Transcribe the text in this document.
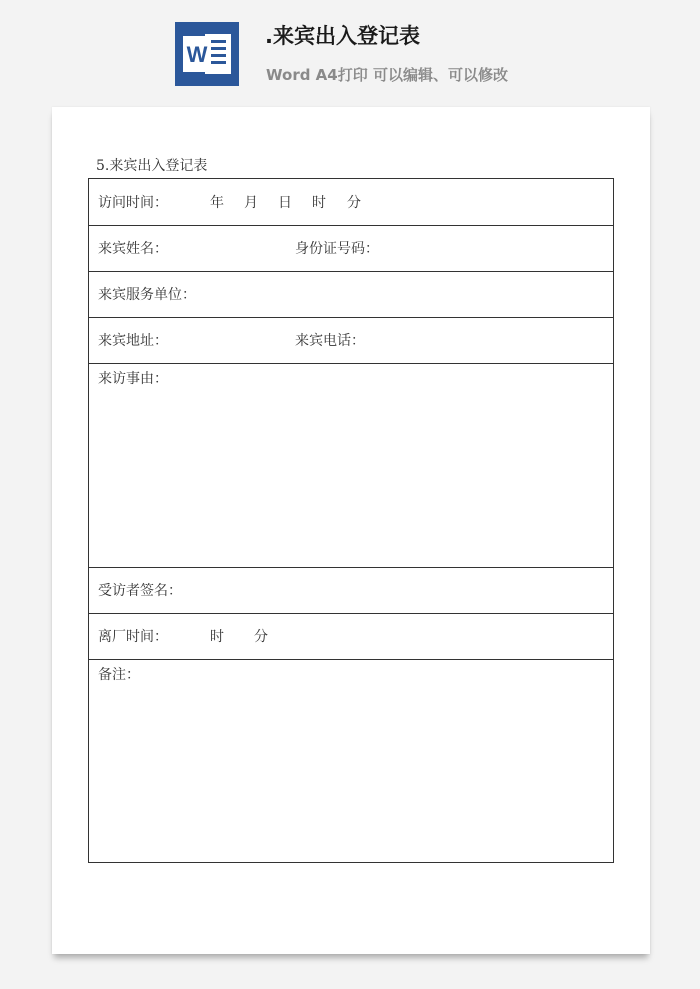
W
.来宾出入登记表
Word A4打印 可以编辑、可以修改
5.来宾出入登记表
访问时间：	年 月 日 时 分
来宾姓名：	身份证号码：
来宾服务单位：
来宾地址：	来宾电话：
来访事由：
受访者签名：
离厂时间：	时 分
备注：
